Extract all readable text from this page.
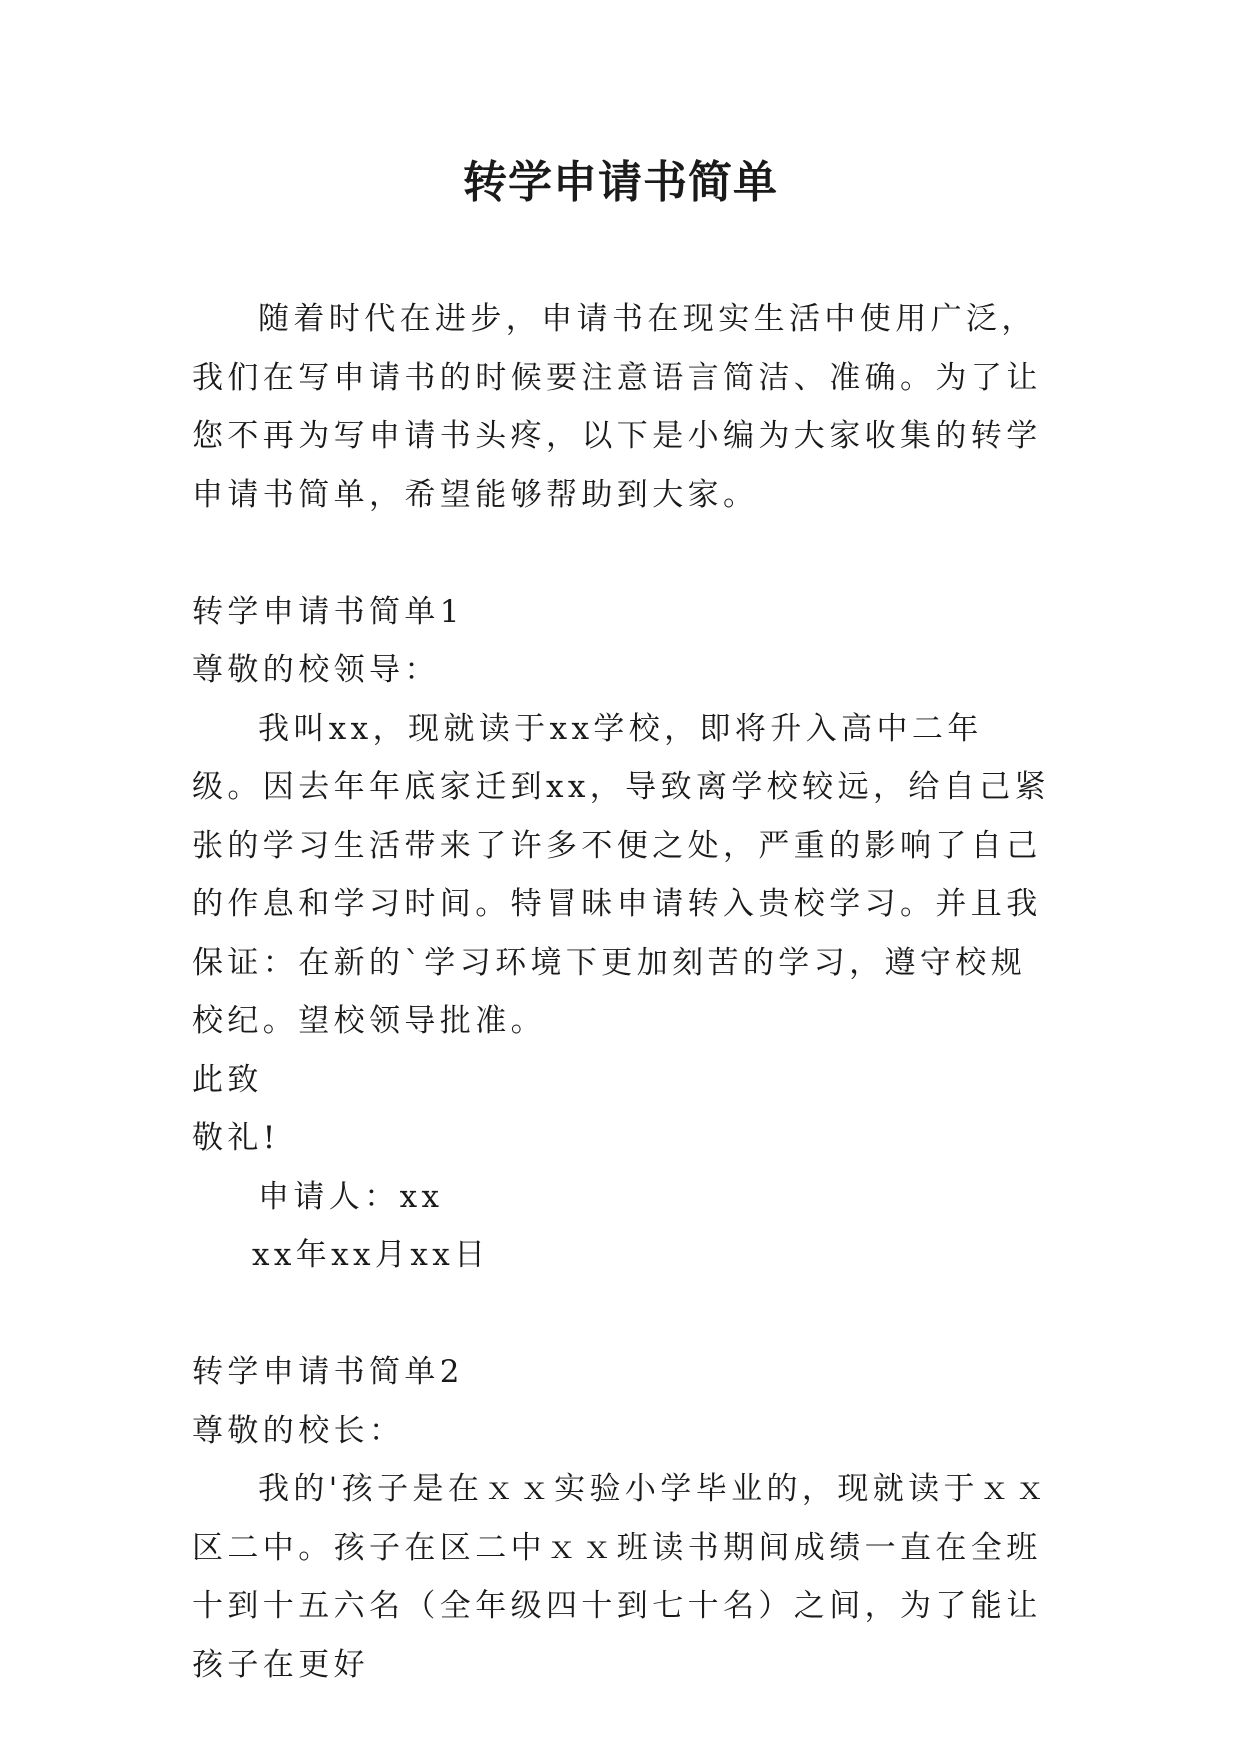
转学申请书简单

随着时代在进步，申请书在现实生活中使用广泛，我们在写申请书的时候要注意语言简洁、准确。为了让您不再为写申请书头疼，以下是小编为大家收集的转学申请书简单，希望能够帮助到大家。

转学申请书简单1

尊敬的校领导：

我叫xx，现就读于xx学校，即将升入高中二年级。因去年年底家迁到xx，导致离学校较远，给自己紧张的学习生活带来了许多不便之处，严重的影响了自己的作息和学习时间。特冒昧申请转入贵校学习。并且我保证：在新的`学习环境下更加刻苦的学习，遵守校规校纪。望校领导批准。

此致

敬礼!

申请人：xx

xx年xx月xx日

转学申请书简单2

尊敬的校长：

我的'孩子是在ｘｘ实验小学毕业的，现就读于ｘｘ区二中。孩子在区二中ｘｘ班读书期间成绩一直在全班十到十五六名（全年级四十到七十名）之间，为了能让孩子在更好
